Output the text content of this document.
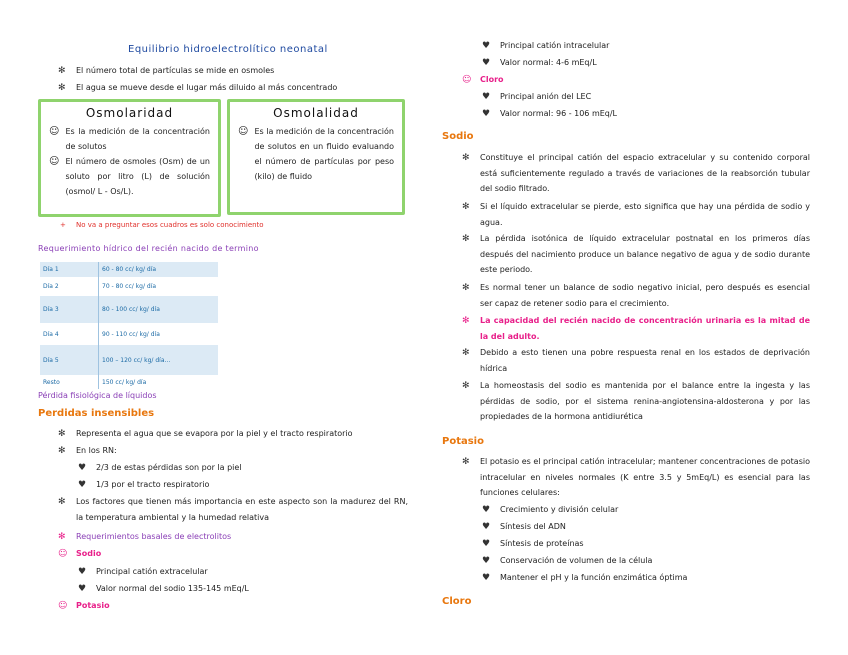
Equilibrio hidroelectrolítico neonatal
✻ El número total de partículas se mide en osmoles
✻ El agua se mueve desde el lugar más diluido al más concentrado
Osmolaridad
☺ Es la medición de la concentración de solutos
☺ El número de osmoles (Osm) de un soluto por litro (L) de solución (osmol/ L - Os/L).
Osmolalidad
☺ Es la medición de la concentración de solutos en un fluido evaluando el número de partículas por peso (kilo) de fluido
+ No va a preguntar esos cuadros es solo conocimiento
Requerimiento hídrico del recién nacido de termino
Día 1	60 - 80 cc/ kg/ día
Día 2	70 - 80 cc/ kg/ día
Día 3	80 - 100 cc/ kg/ día
Día 4	90 - 110 cc/ kg/ día
Día 5	100 – 120 cc/ kg/ día...
Resto	150 cc/ kg/ día
Pérdida fisiológica de líquidos
Perdidas insensibles
✻ Representa el agua que se evapora por la piel y el tracto respiratorio
✻ En los RN:
♥ 2/3 de estas pérdidas son por la piel
♥ 1/3 por el tracto respiratorio
✻ Los factores que tienen más importancia en este aspecto son la madurez del RN, la temperatura ambiental y la humedad relativa
✻ Requerimientos basales de electrolitos
☺ Sodio
♥ Principal catión extracelular
♥ Valor normal del sodio 135-145 mEq/L
☺ Potasio
♥ Principal catión intracelular
♥ Valor normal: 4-6 mEq/L
☺ Cloro
♥ Principal anión del LEC
♥ Valor normal: 96 - 106 mEq/L
Sodio
✻ Constituye el principal catión del espacio extracelular y su contenido corporal está suficientemente regulado a través de variaciones de la reabsorción tubular del sodio filtrado.
✻ Si el líquido extracelular se pierde, esto significa que hay una pérdida de sodio y agua.
✻ La pérdida isotónica de líquido extracelular postnatal en los primeros días después del nacimiento produce un balance negativo de agua y de sodio durante este periodo.
✻ Es normal tener un balance de sodio negativo inicial, pero después es esencial ser capaz de retener sodio para el crecimiento.
✻ La capacidad del recién nacido de concentración urinaria es la mitad de la del adulto.
✻ Debido a esto tienen una pobre respuesta renal en los estados de deprivación hídrica
✻ La homeostasis del sodio es mantenida por el balance entre la ingesta y las pérdidas de sodio, por el sistema renina-angiotensina-aldosterona y por las propiedades de la hormona antidiurética
Potasio
✻ El potasio es el principal catión intracelular; mantener concentraciones de potasio intracelular en niveles normales (K entre 3.5 y 5mEq/L) es esencial para las funciones celulares:
♥ Crecimiento y división celular
♥ Síntesis del ADN
♥ Síntesis de proteínas
♥ Conservación de volumen de la célula
♥ Mantener el pH y la función enzimática óptima
Cloro
